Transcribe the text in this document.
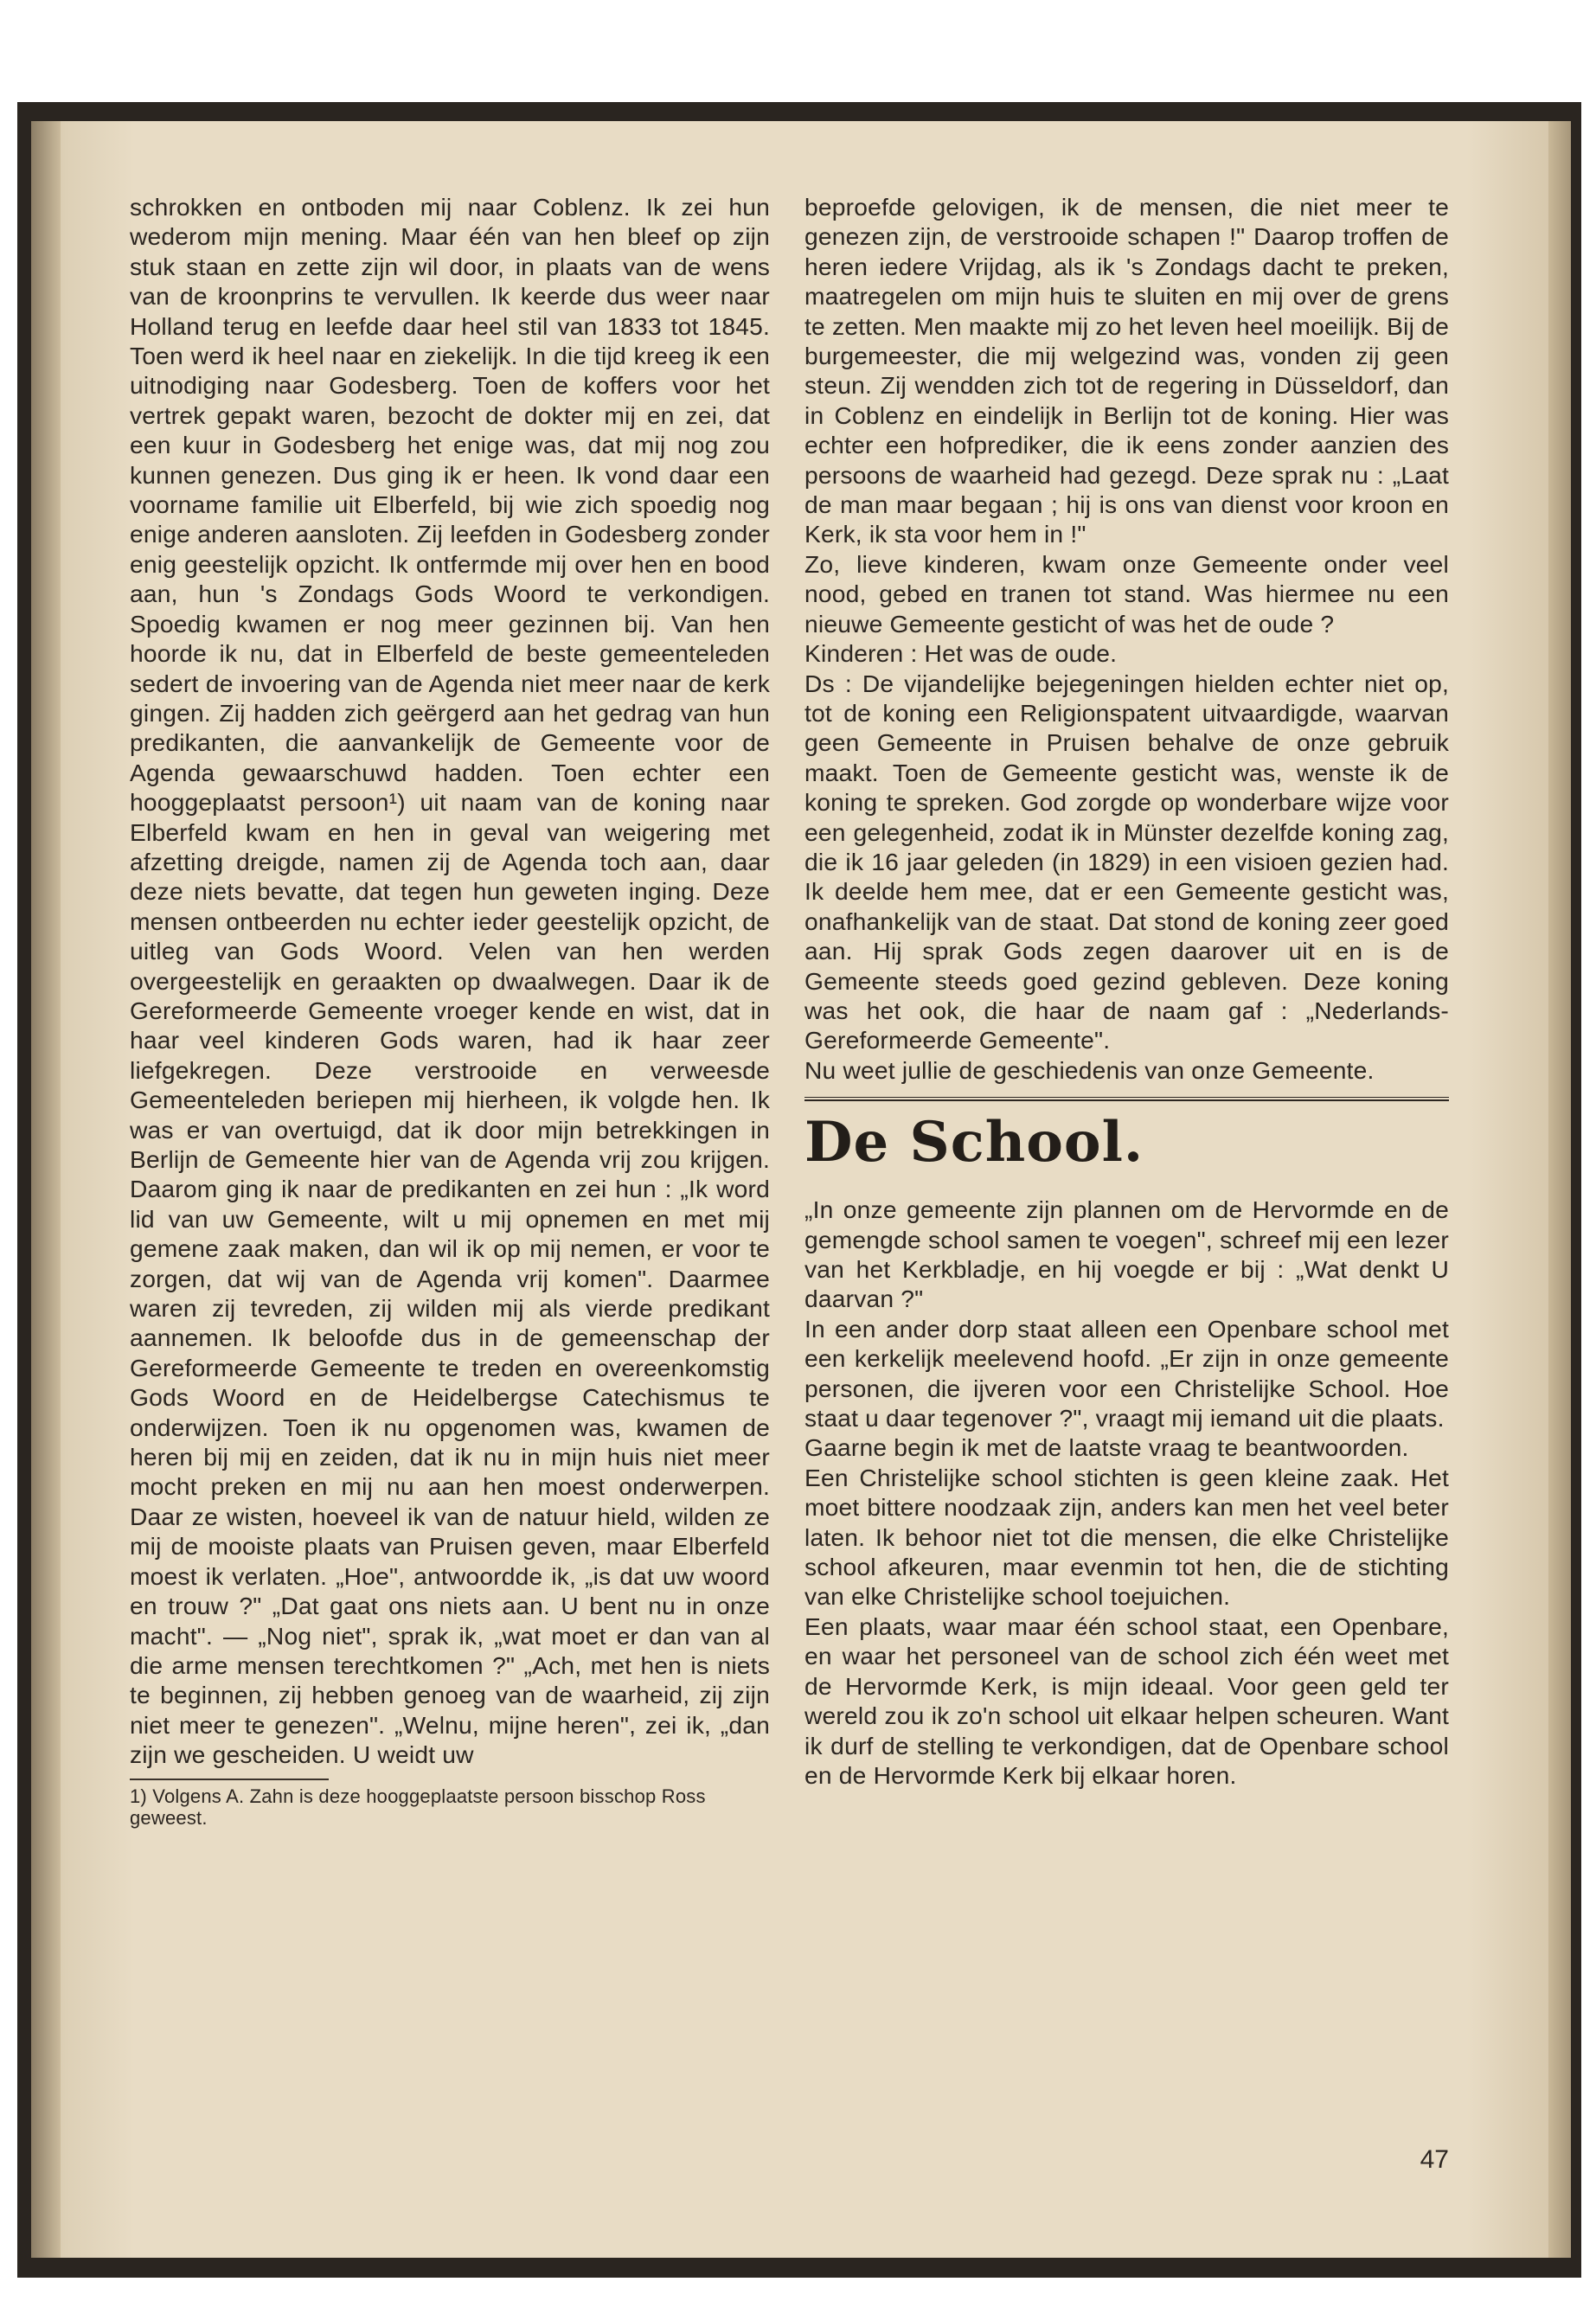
schrokken en ontboden mij naar Coblenz. Ik zei hun wederom mijn mening. Maar één van hen bleef op zijn stuk staan en zette zijn wil door, in plaats van de wens van de kroonprins te vervullen. Ik keerde dus weer naar Holland terug en leefde daar heel stil van 1833 tot 1845. Toen werd ik heel naar en ziekelijk. In die tijd kreeg ik een uitnodiging naar Godesberg. Toen de koffers voor het vertrek gepakt waren, bezocht de dokter mij en zei, dat een kuur in Godesberg het enige was, dat mij nog zou kunnen genezen. Dus ging ik er heen. Ik vond daar een voorname familie uit Elberfeld, bij wie zich spoedig nog enige anderen aansloten. Zij leefden in Godesberg zonder enig geestelijk opzicht. Ik ontfermde mij over hen en bood aan, hun 's Zondags Gods Woord te verkondigen. Spoedig kwamen er nog meer gezinnen bij. Van hen hoorde ik nu, dat in Elberfeld de beste gemeenteleden sedert de invoering van de Agenda niet meer naar de kerk gingen. Zij hadden zich geërgerd aan het gedrag van hun predikanten, die aanvankelijk de Gemeente voor de Agenda gewaarschuwd hadden. Toen echter een hooggeplaatst persoon¹) uit naam van de koning naar Elberfeld kwam en hen in geval van weigering met afzetting dreigde, namen zij de Agenda toch aan, daar deze niets bevatte, dat tegen hun geweten inging. Deze mensen ontbeerden nu echter ieder geestelijk opzicht, de uitleg van Gods Woord. Velen van hen werden overgeestelijk en geraakten op dwaalwegen. Daar ik de Gereformeerde Gemeente vroeger kende en wist, dat in haar veel kinderen Gods waren, had ik haar zeer liefgekregen. Deze verstrooide en verweesde Gemeenteleden beriepen mij hierheen, ik volgde hen. Ik was er van overtuigd, dat ik door mijn betrekkingen in Berlijn de Gemeente hier van de Agenda vrij zou krijgen. Daarom ging ik naar de predikanten en zei hun : „Ik word lid van uw Gemeente, wilt u mij opnemen en met mij gemene zaak maken, dan wil ik op mij nemen, er voor te zorgen, dat wij van de Agenda vrij komen". Daarmee waren zij tevreden, zij wilden mij als vierde predikant aannemen. Ik beloofde dus in de gemeenschap der Gereformeerde Gemeente te treden en overeenkomstig Gods Woord en de Heidelbergse Catechismus te onderwijzen. Toen ik nu opgenomen was, kwamen de heren bij mij en zeiden, dat ik nu in mijn huis niet meer mocht preken en mij nu aan hen moest onderwerpen. Daar ze wisten, hoeveel ik van de natuur hield, wilden ze mij de mooiste plaats van Pruisen geven, maar Elberfeld moest ik verlaten. „Hoe", antwoordde ik, „is dat uw woord en trouw ?" „Dat gaat ons niets aan. U bent nu in onze macht". — „Nog niet", sprak ik, „wat moet er dan van al die arme mensen terechtkomen ?" „Ach, met hen is niets te beginnen, zij hebben genoeg van de waarheid, zij zijn niet meer te genezen". „Welnu, mijne heren", zei ik, „dan zijn we gescheiden. U weidt uw

1) Volgens A. Zahn is deze hooggeplaatste persoon bisschop Ross geweest.

beproefde gelovigen, ik de mensen, die niet meer te genezen zijn, de verstrooide schapen !" Daarop troffen de heren iedere Vrijdag, als ik 's Zondags dacht te preken, maatregelen om mijn huis te sluiten en mij over de grens te zetten. Men maakte mij zo het leven heel moeilijk. Bij de burgemeester, die mij welgezind was, vonden zij geen steun. Zij wendden zich tot de regering in Düsseldorf, dan in Coblenz en eindelijk in Berlijn tot de koning. Hier was echter een hofprediker, die ik eens zonder aanzien des persoons de waarheid had gezegd. Deze sprak nu : „Laat de man maar begaan ; hij is ons van dienst voor kroon en Kerk, ik sta voor hem in !"

Zo, lieve kinderen, kwam onze Gemeente onder veel nood, gebed en tranen tot stand. Was hiermee nu een nieuwe Gemeente gesticht of was het de oude ?

Kinderen : Het was de oude.

Ds : De vijandelijke bejegeningen hielden echter niet op, tot de koning een Religionspatent uitvaardigde, waarvan geen Gemeente in Pruisen behalve de onze gebruik maakt. Toen de Gemeente gesticht was, wenste ik de koning te spreken. God zorgde op wonderbare wijze voor een gelegenheid, zodat ik in Münster dezelfde koning zag, die ik 16 jaar geleden (in 1829) in een visioen gezien had. Ik deelde hem mee, dat er een Gemeente gesticht was, onafhankelijk van de staat. Dat stond de koning zeer goed aan. Hij sprak Gods zegen daarover uit en is de Gemeente steeds goed gezind gebleven. Deze koning was het ook, die haar de naam gaf : „Nederlands-Gereformeerde Gemeente".

Nu weet jullie de geschiedenis van onze Gemeente.

De School.

„In onze gemeente zijn plannen om de Hervormde en de gemengde school samen te voegen", schreef mij een lezer van het Kerkbladje, en hij voegde er bij : „Wat denkt U daarvan ?"

In een ander dorp staat alleen een Openbare school met een kerkelijk meelevend hoofd. „Er zijn in onze gemeente personen, die ijveren voor een Christelijke School. Hoe staat u daar tegenover ?", vraagt mij iemand uit die plaats.

Gaarne begin ik met de laatste vraag te beantwoorden.

Een Christelijke school stichten is geen kleine zaak. Het moet bittere noodzaak zijn, anders kan men het veel beter laten. Ik behoor niet tot die mensen, die elke Christelijke school afkeuren, maar evenmin tot hen, die de stichting van elke Christelijke school toejuichen.

Een plaats, waar maar één school staat, een Openbare, en waar het personeel van de school zich één weet met de Hervormde Kerk, is mijn ideaal. Voor geen geld ter wereld zou ik zo'n school uit elkaar helpen scheuren. Want ik durf de stelling te verkondigen, dat de Openbare school en de Hervormde Kerk bij elkaar horen.

47
